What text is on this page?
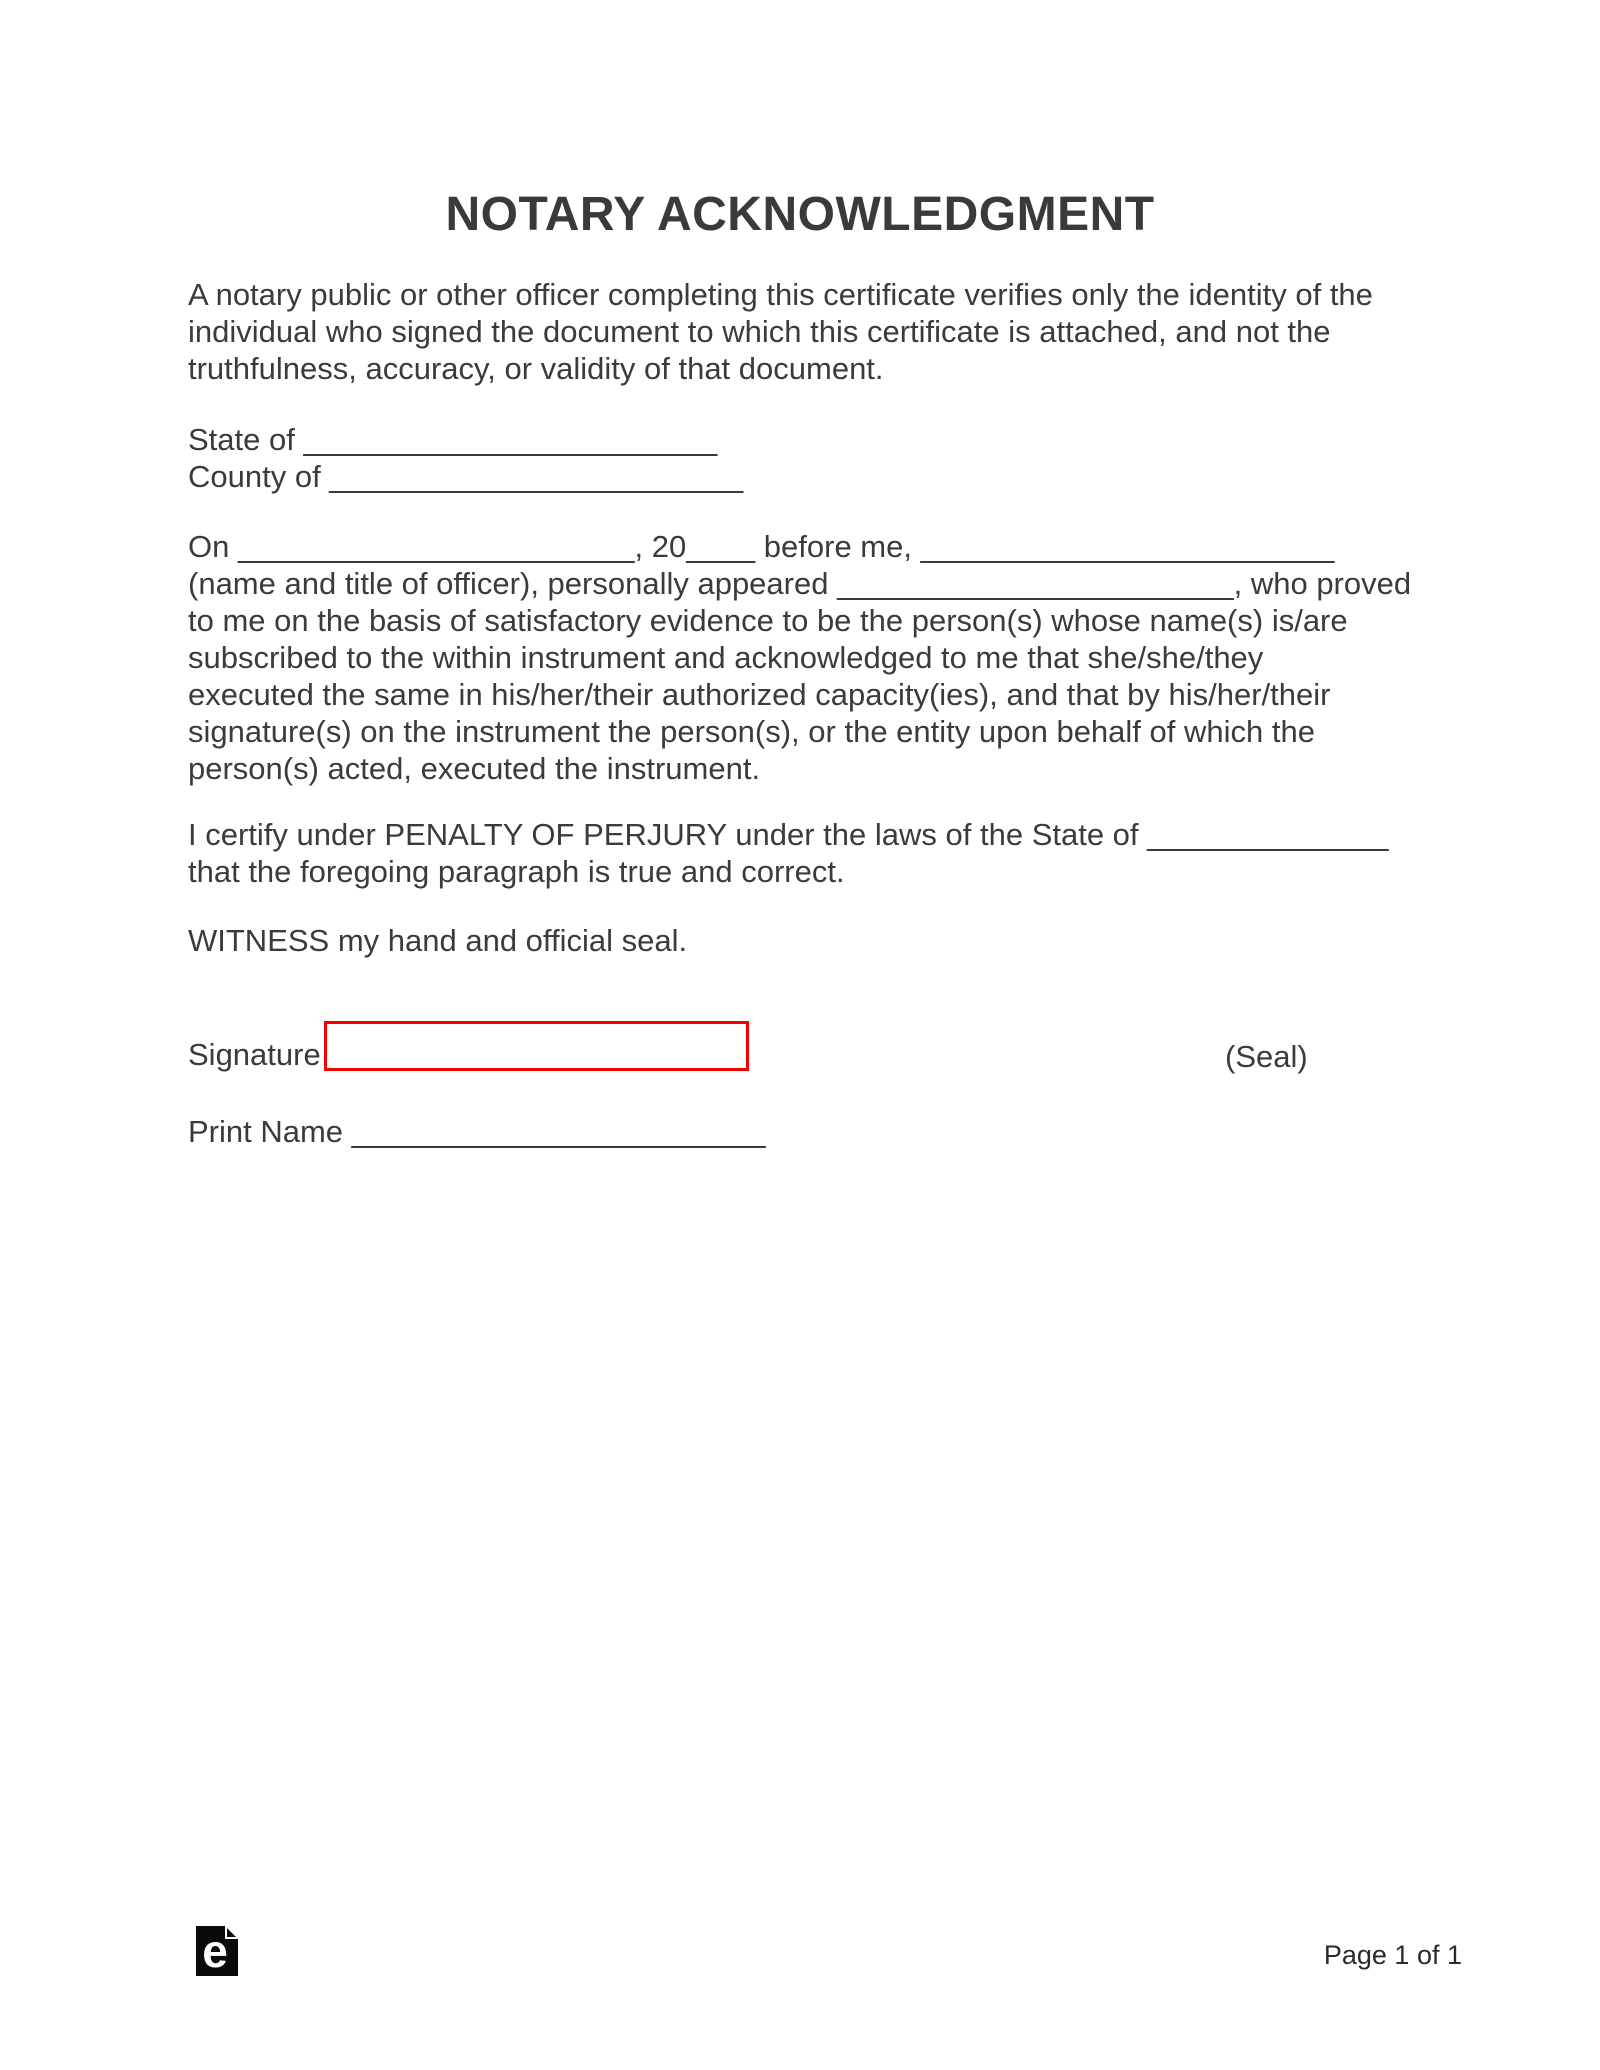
NOTARY ACKNOWLEDGMENT
A notary public or other officer completing this certificate verifies only the identity of the
individual who signed the document to which this certificate is attached, and not the
truthfulness, accuracy, or validity of that document.
State of ________________________
County of ________________________
On _______________________, 20____ before me, ________________________
(name and title of officer), personally appeared _______________________, who proved
to me on the basis of satisfactory evidence to be the person(s) whose name(s) is/are
subscribed to the within instrument and acknowledged to me that she/she/they
executed the same in his/her/their authorized capacity(ies), and that by his/her/their
signature(s) on the instrument the person(s), or the entity upon behalf of which the
person(s) acted, executed the instrument.
I certify under PENALTY OF PERJURY under the laws of the State of ______________
that the foregoing paragraph is true and correct.
WITNESS my hand and official seal.
Signature ________________________	(Seal)
Print Name ________________________
e	Page 1 of 1
